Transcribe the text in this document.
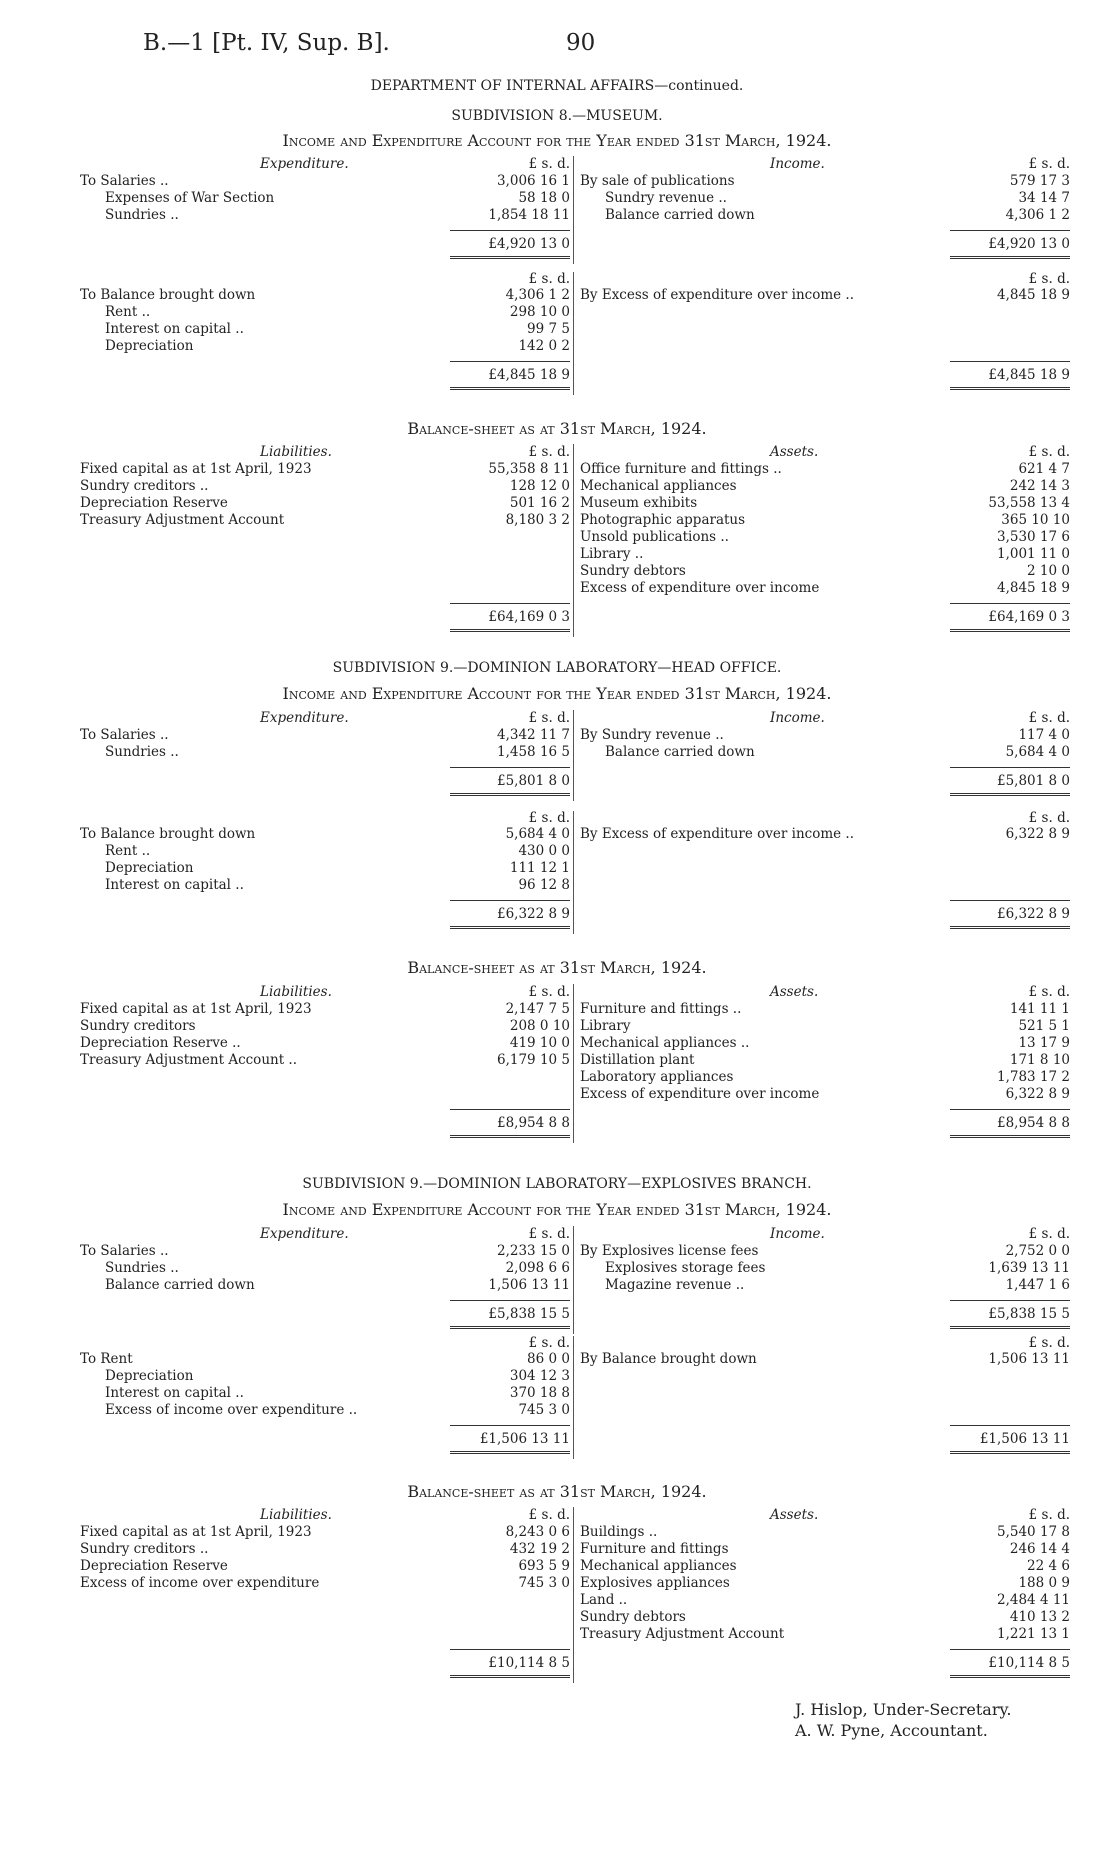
B.—1 [Pt. IV, Sup. B].	90
DEPARTMENT OF INTERNAL AFFAIRS—continued.
SUBDIVISION 8.—MUSEUM.
Income and Expenditure Account for the Year ended 31st March, 1924.
Expenditure.	£ s. d.
To Salaries ..	3,006 16 1
Expenses of War Section	58 18 0
Sundries ..	1,854 18 11
£4,920 13 0
Income.	£ s. d.
By sale of publications	579 17 3
Sundry revenue ..	34 14 7
Balance carried down	4,306 1 2
£4,920 13 0
£ s. d.
To Balance brought down	4,306 1 2
Rent ..	298 10 0
Interest on capital ..	99 7 5
Depreciation	142 0 2
£4,845 18 9
£ s. d.
By Excess of expenditure over income ..	4,845 18 9
£4,845 18 9
Balance-sheet as at 31st March, 1924.
Liabilities.	£ s. d.
Fixed capital as at 1st April, 1923	55,358 8 11
Sundry creditors ..	128 12 0
Depreciation Reserve	501 16 2
Treasury Adjustment Account	8,180 3 2
£64,169 0 3
Assets.	£ s. d.
Office furniture and fittings ..	621 4 7
Mechanical appliances	242 14 3
Museum exhibits	53,558 13 4
Photographic apparatus	365 10 10
Unsold publications ..	3,530 17 6
Library ..	1,001 11 0
Sundry debtors	2 10 0
Excess of expenditure over income	4,845 18 9
£64,169 0 3
SUBDIVISION 9.—DOMINION LABORATORY—HEAD OFFICE.
Income and Expenditure Account for the Year ended 31st March, 1924.
Expenditure.	£ s. d.
To Salaries ..	4,342 11 7
Sundries ..	1,458 16 5
£5,801 8 0
Income.	£ s. d.
By Sundry revenue ..	117 4 0
Balance carried down	5,684 4 0
£5,801 8 0
£ s. d.
To Balance brought down	5,684 4 0
Rent ..	430 0 0
Depreciation	111 12 1
Interest on capital ..	96 12 8
£6,322 8 9
£ s. d.
By Excess of expenditure over income ..	6,322 8 9
£6,322 8 9
Balance-sheet as at 31st March, 1924.
Liabilities.	£ s. d.
Fixed capital as at 1st April, 1923	2,147 7 5
Sundry creditors	208 0 10
Depreciation Reserve ..	419 10 0
Treasury Adjustment Account ..	6,179 10 5
£8,954 8 8
Assets.	£ s. d.
Furniture and fittings ..	141 11 1
Library	521 5 1
Mechanical appliances ..	13 17 9
Distillation plant	171 8 10
Laboratory appliances	1,783 17 2
Excess of expenditure over income	6,322 8 9
£8,954 8 8
SUBDIVISION 9.—DOMINION LABORATORY—EXPLOSIVES BRANCH.
Income and Expenditure Account for the Year ended 31st March, 1924.
Expenditure.	£ s. d.
To Salaries ..	2,233 15 0
Sundries ..	2,098 6 6
Balance carried down	1,506 13 11
£5,838 15 5
Income.	£ s. d.
By Explosives license fees	2,752 0 0
Explosives storage fees	1,639 13 11
Magazine revenue ..	1,447 1 6
£5,838 15 5
£ s. d.
To Rent	86 0 0
Depreciation	304 12 3
Interest on capital ..	370 18 8
Excess of income over expenditure ..	745 3 0
£1,506 13 11
£ s. d.
By Balance brought down	1,506 13 11
£1,506 13 11
Balance-sheet as at 31st March, 1924.
Liabilities.	£ s. d.
Fixed capital as at 1st April, 1923	8,243 0 6
Sundry creditors ..	432 19 2
Depreciation Reserve	693 5 9
Excess of income over expenditure	745 3 0
£10,114 8 5
Assets.	£ s. d.
Buildings ..	5,540 17 8
Furniture and fittings	246 14 4
Mechanical appliances	22 4 6
Explosives appliances	188 0 9
Land ..	2,484 4 11
Sundry debtors	410 13 2
Treasury Adjustment Account	1,221 13 1
£10,114 8 5
J. Hislop, Under-Secretary.
A. W. Pyne, Accountant.
